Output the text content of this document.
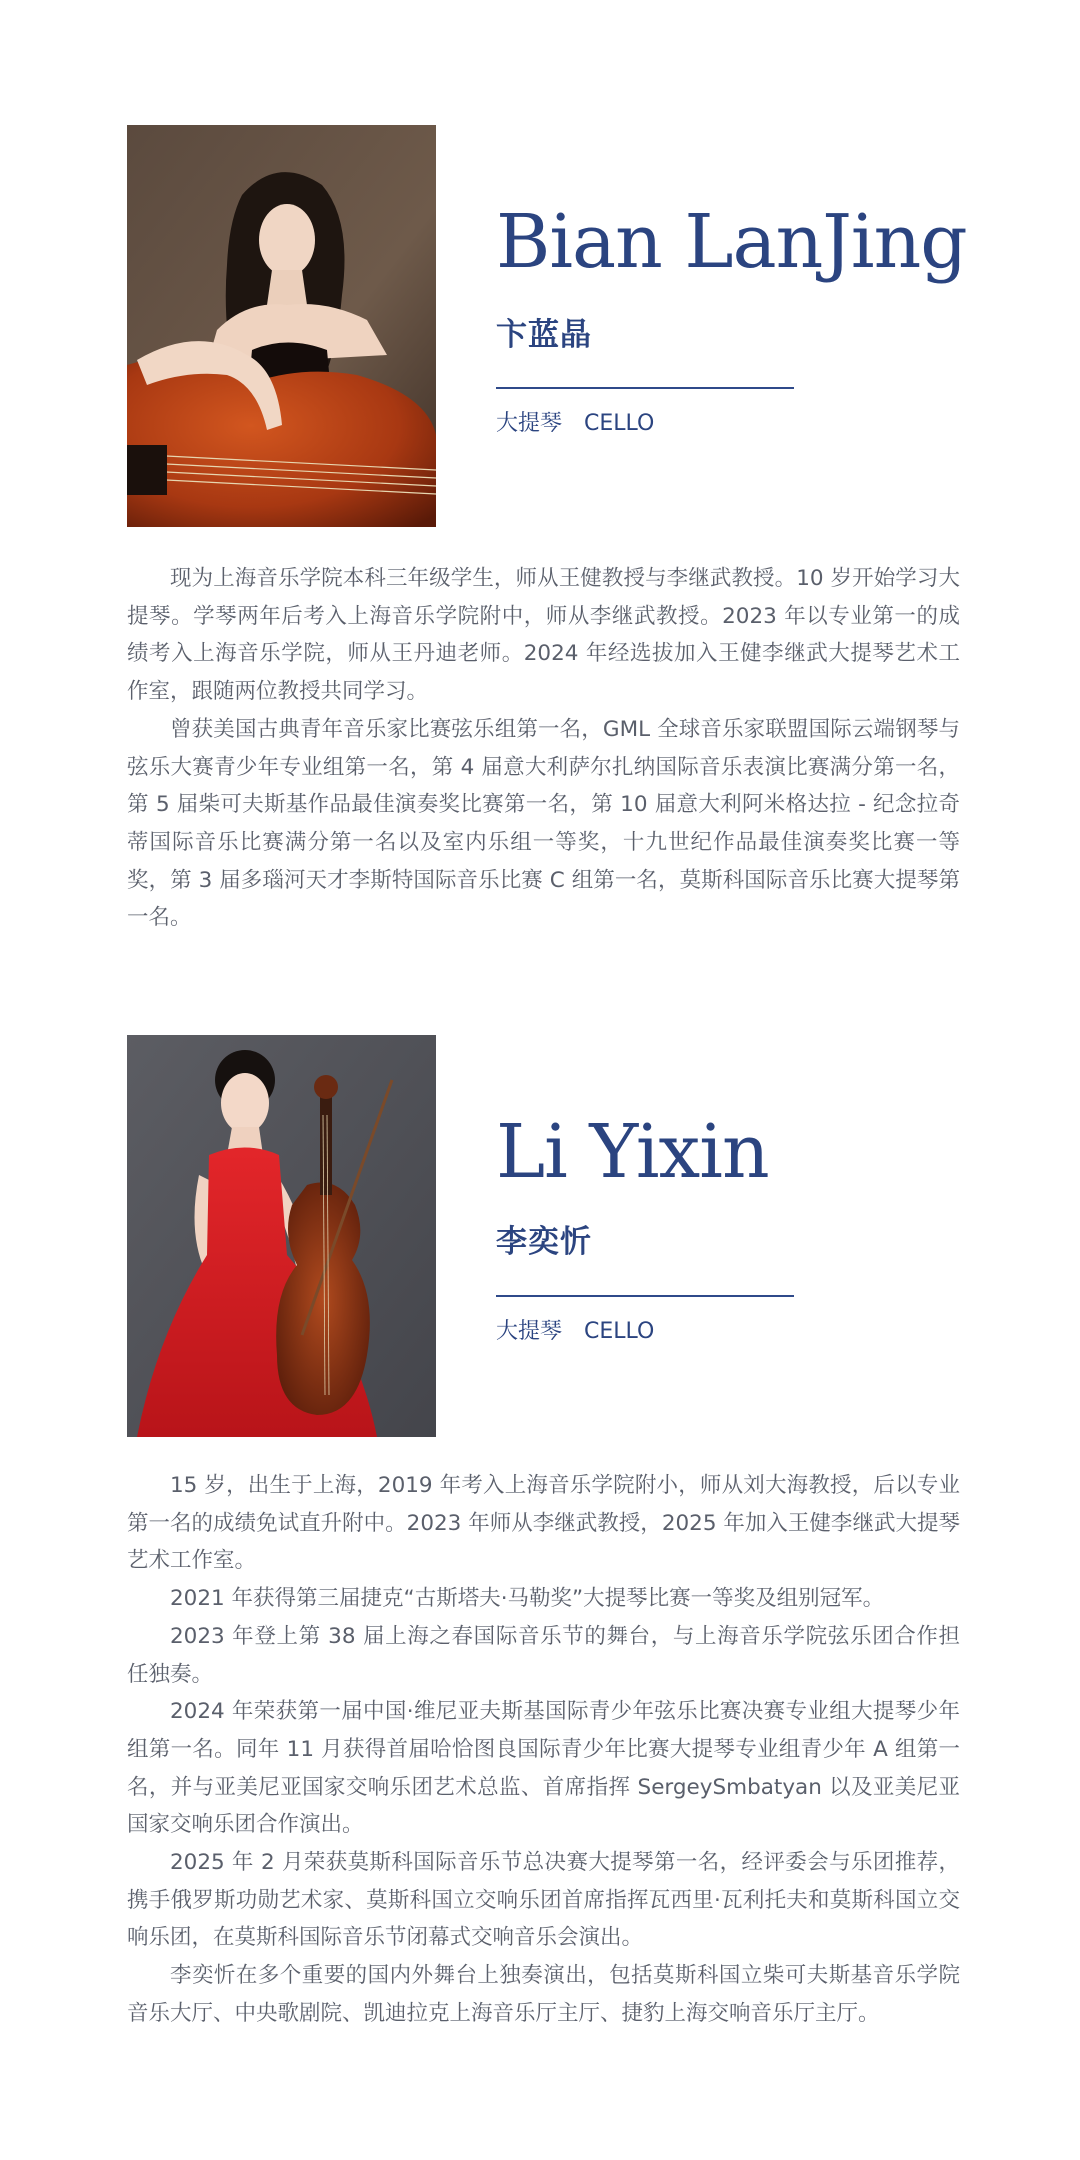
Bian LanJing
卞蓝晶
大提琴 CELLO

现为上海音乐学院本科三年级学生，师从王健教授与李继武教授。10 岁开始学习大提琴。学琴两年后考入上海音乐学院附中，师从李继武教授。2023 年以专业第一的成绩考入上海音乐学院，师从王丹迪老师。2024 年经选拔加入王健李继武大提琴艺术工作室，跟随两位教授共同学习。

曾获美国古典青年音乐家比赛弦乐组第一名，GML 全球音乐家联盟国际云端钢琴与弦乐大赛青少年专业组第一名，第 4 届意大利萨尔扎纳国际音乐表演比赛满分第一名，第 5 届柴可夫斯基作品最佳演奏奖比赛第一名，第 10 届意大利阿米格达拉 - 纪念拉奇蒂国际音乐比赛满分第一名以及室内乐组一等奖，十九世纪作品最佳演奏奖比赛一等奖，第 3 届多瑙河天才李斯特国际音乐比赛 C 组第一名，莫斯科国际音乐比赛大提琴第一名。

Li Yixin
李奕忻
大提琴 CELLO

15 岁，出生于上海，2019 年考入上海音乐学院附小，师从刘大海教授，后以专业第一名的成绩免试直升附中。2023 年师从李继武教授，2025 年加入王健李继武大提琴艺术工作室。

2021 年获得第三届捷克“古斯塔夫·马勒奖”大提琴比赛一等奖及组别冠军。

2023 年登上第 38 届上海之春国际音乐节的舞台，与上海音乐学院弦乐团合作担任独奏。

2024 年荣获第一届中国·维尼亚夫斯基国际青少年弦乐比赛决赛专业组大提琴少年组第一名。同年 11 月获得首届哈恰图良国际青少年比赛大提琴专业组青少年 A 组第一名，并与亚美尼亚国家交响乐团艺术总监、首席指挥 SergeySmbatyan 以及亚美尼亚国家交响乐团合作演出。

2025 年 2 月荣获莫斯科国际音乐节总决赛大提琴第一名，经评委会与乐团推荐，携手俄罗斯功勋艺术家、莫斯科国立交响乐团首席指挥瓦西里·瓦利托夫和莫斯科国立交响乐团，在莫斯科国际音乐节闭幕式交响音乐会演出。

李奕忻在多个重要的国内外舞台上独奏演出，包括莫斯科国立柴可夫斯基音乐学院音乐大厅、中央歌剧院、凯迪拉克上海音乐厅主厅、捷豹上海交响音乐厅主厅。
